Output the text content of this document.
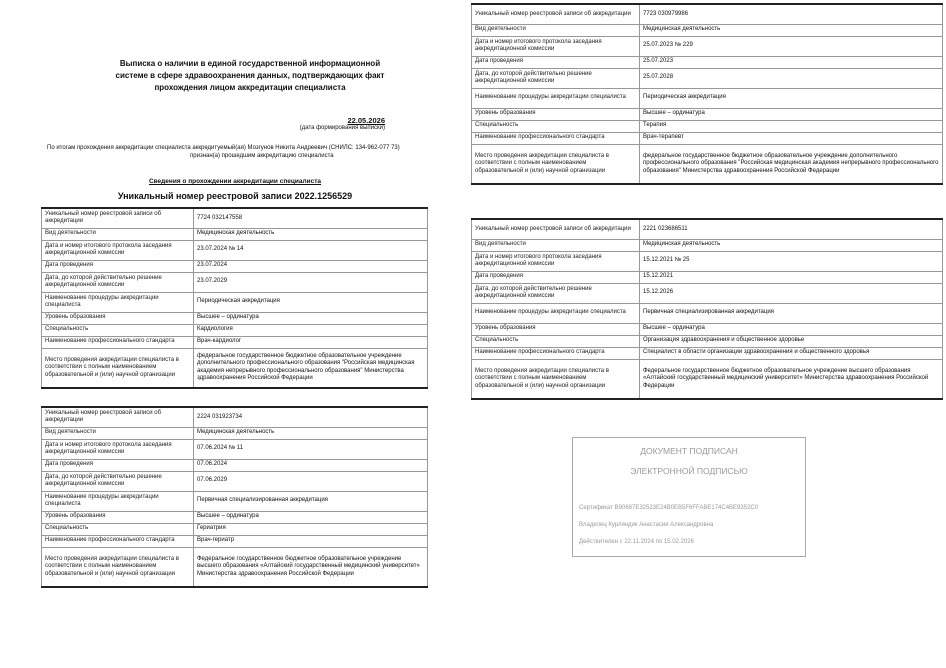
Выписка о наличии в единой государственной информационной
системе в сфере здравоохранения данных, подтверждающих факт
прохождения лицом аккредитации специалиста
22.05.2026
(дата формирования выписки)
По итогам прохождения аккредитации специалиста аккредитуемый(ая) Мозгунов Никита Андреевич (СНИЛС: 134-962-077 73)
признан(а) прошедшим аккредитацию специалиста
Сведения о прохождении аккредитации специалиста
Уникальный номер реестровой записи 2022.1256529
Уникальный номер реестровой записи об аккредитации	7724 032147558
Вид деятельности	Медицинская деятельность
Дата и номер итогового протокола заседания аккредитационной комиссии	23.07.2024 № 14
Дата проведения	23.07.2024
Дата, до которой действительно решение аккредитационной комиссии	23.07.2029
Наименование процедуры аккредитации специалиста	Периодическая аккредитация
Уровень образования	Высшее – ординатура
Специальность	Кардиология
Наименование профессионального стандарта	Врач-кардиолог
Место проведения аккредитации специалиста в соответствии с полным наименованием образовательной и (или) научной организации	федеральное государственное бюджетное образовательное учреждение дополнительного профессионального образования "Российская медицинская академия непрерывного профессионального образования" Министерства здравоохранения Российской Федерации
Уникальный номер реестровой записи об аккредитации	2224 031923734
Вид деятельности	Медицинская деятельность
Дата и номер итогового протокола заседания аккредитационной комиссии	07.06.2024 № 11
Дата проведения	07.06.2024
Дата, до которой действительно решение аккредитационной комиссии	07.06.2029
Наименование процедуры аккредитации специалиста	Первичная специализированная аккредитация
Уровень образования	Высшее – ординатура
Специальность	Гериатрия
Наименование профессионального стандарта	Врач-гериатр
Место проведения аккредитации специалиста в соответствии с полным наименованием образовательной и (или) научной организации	Федеральное государственное бюджетное образовательное учреждение высшего образования «Алтайский государственный медицинский университет» Министерства здравоохранения Российской Федерации
Уникальный номер реестровой записи об аккредитации	7723 030979986
Вид деятельности	Медицинская деятельность
Дата и номер итогового протокола заседания аккредитационной комиссии	25.07.2023 № 229
Дата проведения	25.07.2023
Дата, до которой действительно решение аккредитационной комиссии	25.07.2028
Наименование процедуры аккредитации специалиста	Периодическая аккредитация
Уровень образования	Высшее – ординатура
Специальность	Терапия
Наименование профессионального стандарта	Врач-терапевт
Место проведения аккредитации специалиста в соответствии с полным наименованием образовательной и (или) научной организации	федеральное государственное бюджетное образовательное учреждение дополнительного профессионального образования "Российская медицинская академия непрерывного профессионального образования" Министерства здравоохранения Российской Федерации
Уникальный номер реестровой записи об аккредитации	2221 023686511
Вид деятельности	Медицинская деятельность
Дата и номер итогового протокола заседания аккредитационной комиссии	15.12.2021 № 25
Дата проведения	15.12.2021
Дата, до которой действительно решение аккредитационной комиссии	15.12.2026
Наименование процедуры аккредитации специалиста	Первичная специализированная аккредитация
Уровень образования	Высшее – ординатура
Специальность	Организация здравоохранения и общественное здоровье
Наименование профессионального стандарта	Специалист в области организации здравоохранения и общественного здоровья
Место проведения аккредитации специалиста в соответствии с полным наименованием образовательной и (или) научной организации	Федеральное государственное бюджетное образовательное учреждение высшего образования «Алтайский государственный медицинский университет» Министерства здравоохранения Российской Федерации
ДОКУМЕНТ ПОДПИСАН
ЭЛЕКТРОННОЙ ПОДПИСЬЮ
Сертификат B90687E32523E24B0EB5F6FFABE174C4BE9352C0
Владелец Курляндик Анастасия Александровна
Действителен с 22.11.2024 по 15.02.2026
